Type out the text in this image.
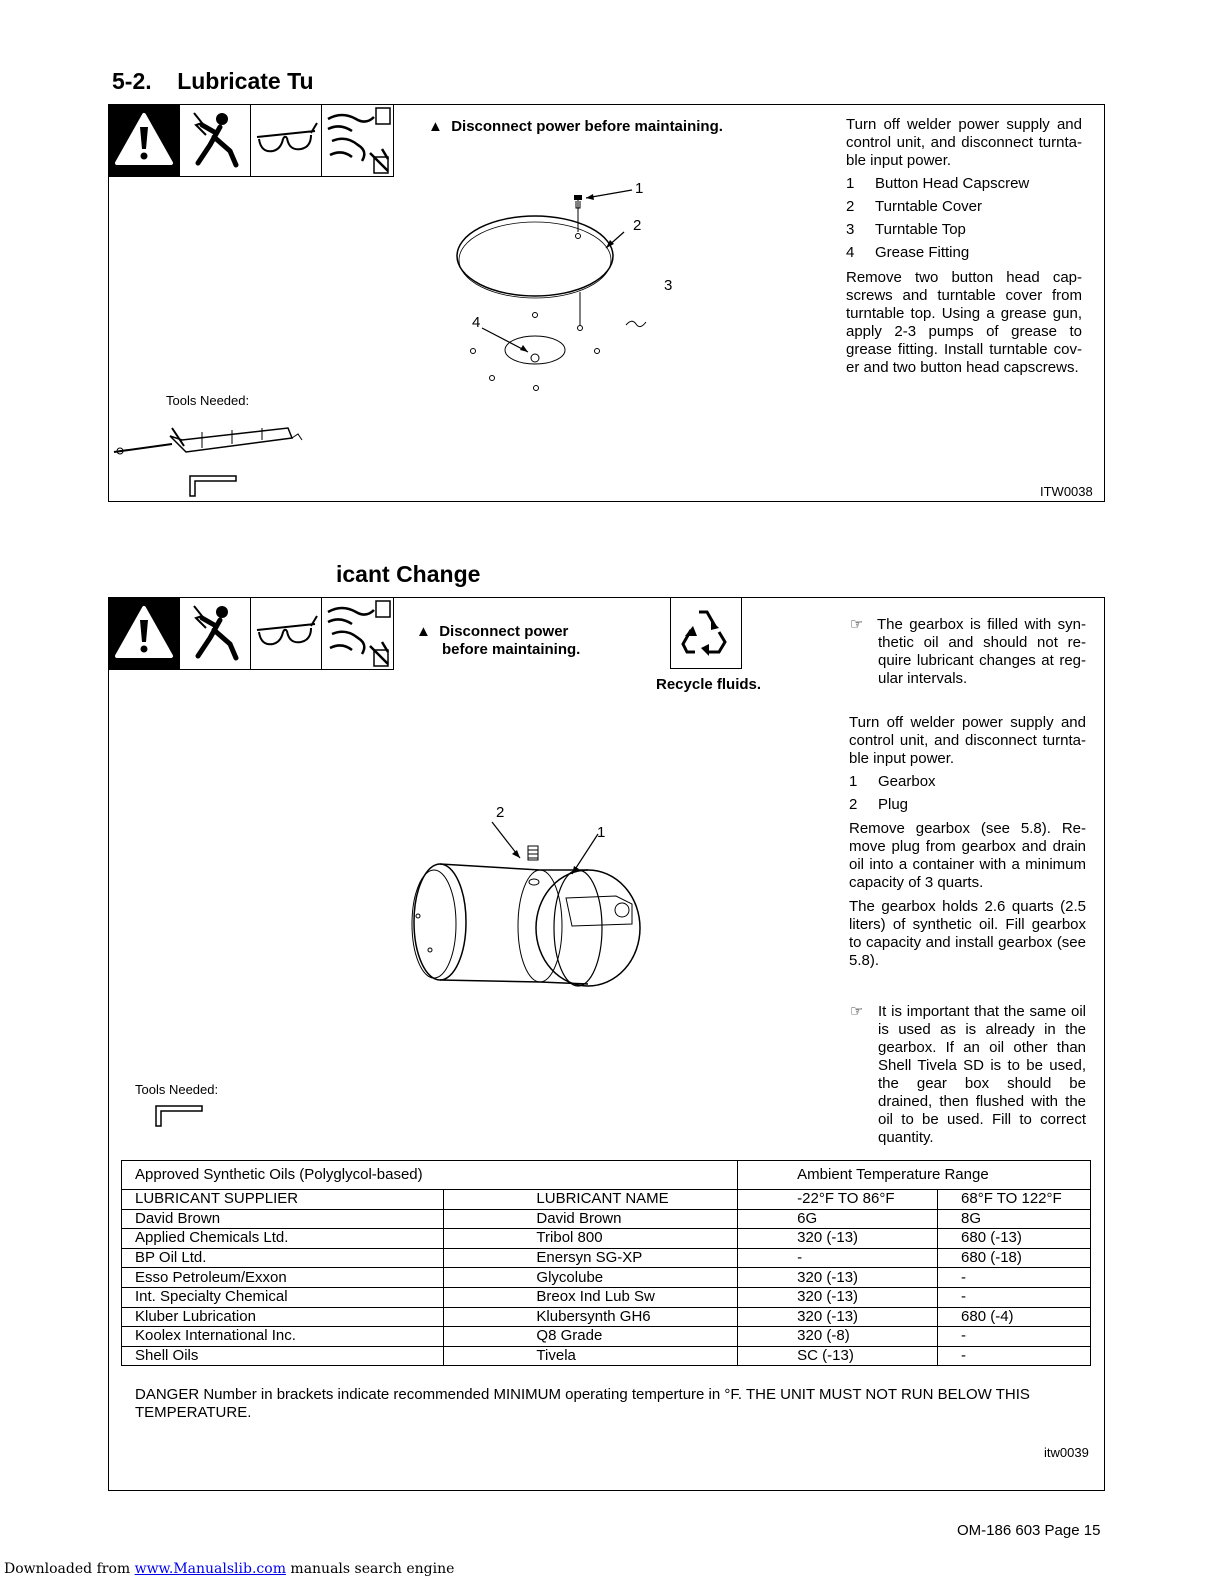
5-2.    Lubricate Tu
▲  Disconnect power before maintaining.	Turn off welder power supply and control unit, and disconnect turnta-ble input power.
1	Button Head Capscrew
2	Turntable Cover
3	Turntable Top
4	Grease Fitting
Remove two button head cap-screws and turntable cover from turntable top. Using a grease gun, apply 2-3 pumps of grease to grease fitting. Install turntable cov-er and two button head capscrews.
1
2
3
4
Tools Needed:
ITW0038
icant Change
▲  Disconnect power
before maintaining.
Recycle fluids.
☞ The gearbox is filled with syn-thetic oil and should not re-quire lubricant changes at reg-ular intervals.
Turn off welder power supply and control unit, and disconnect turnta-ble input power.
1	Gearbox
2	Plug
Remove gearbox (see 5.8). Re-move plug from gearbox and drain oil into a container with a minimum capacity of 3 quarts.
The gearbox holds 2.6 quarts (2.5 liters) of synthetic oil. Fill gearbox to capacity and install gearbox (see 5.8).
☞ It is important that the same oil is used as is already in the gearbox. If an oil other than Shell Tivela SD is to be used, the gear box should be drained, then flushed with the oil to be used. Fill to correct quantity.
2
1
Tools Needed:
Approved Synthetic Oils (Polyglycol-based)		Ambient Temperature Range	
LUBRICANT SUPPLIER	LUBRICANT NAME	-22°F TO 86°F	68°F TO 122°F
David Brown	David Brown	6G	8G
Applied Chemicals Ltd.	Tribol 800	320 (-13)	680 (-13)
BP Oil Ltd.	Enersyn SG-XP	-	680 (-18)
Esso Petroleum/Exxon	Glycolube	320 (-13)	-
Int. Specialty Chemical	Breox Ind Lub Sw	320 (-13)	-
Kluber Lubrication	Klubersynth GH6	320 (-13)	680 (-4)
Koolex International Inc.	Q8 Grade	320 (-8)	-
Shell Oils	Tivela	SC (-13)	-
DANGER Number in brackets indicate recommended MINIMUM operating temperture in °F. THE UNIT MUST NOT RUN BELOW THIS TEMPERATURE.
itw0039
OM-186 603 Page 15
Downloaded from www.Manualslib.com manuals search engine
